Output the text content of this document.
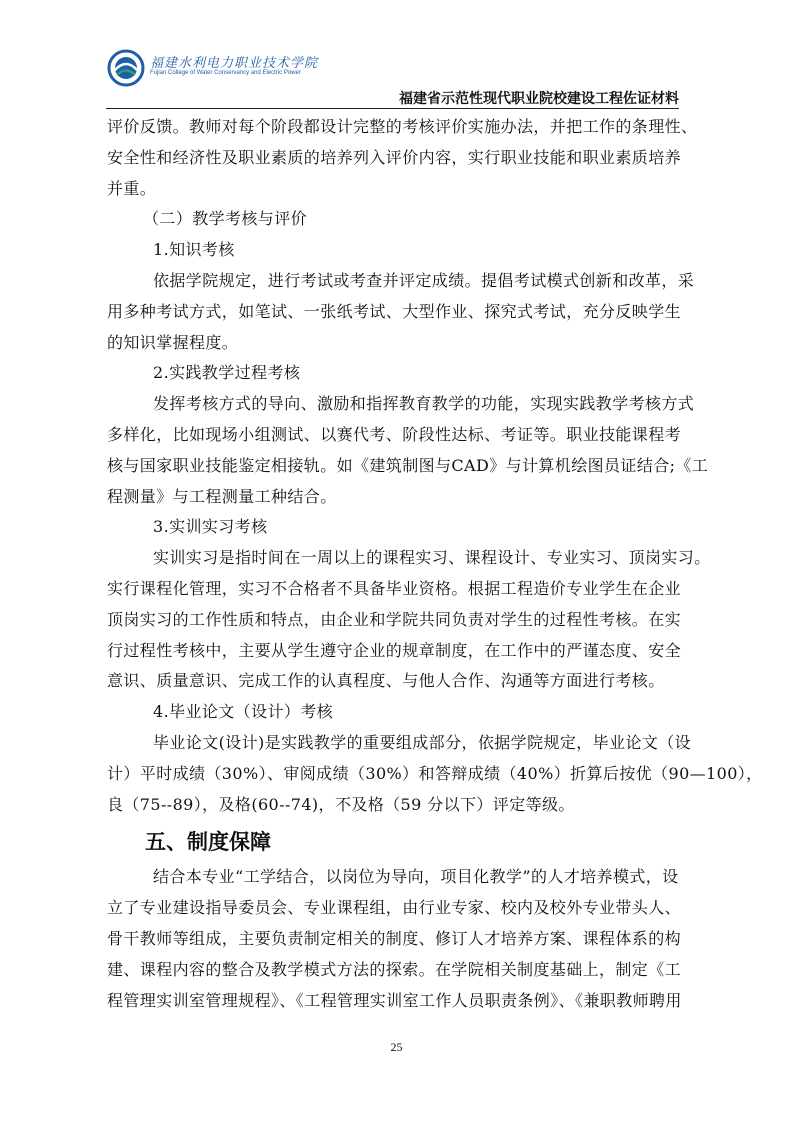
福建水利电力职业技术学院
Fujian College of Water Conservancy and Electric Power
福建省示范性现代职业院校建设工程佐证材料

评价反馈。教师对每个阶段都设计完整的考核评价实施办法，并把工作的条理性、

安全性和经济性及职业素质的培养列入评价内容，实行职业技能和职业素质培养

并重。

（二）教学考核与评价

1.知识考核

依据学院规定，进行考试或考查并评定成绩。提倡考试模式创新和改革，采

用多种考试方式，如笔试、一张纸考试、大型作业、探究式考试，充分反映学生

的知识掌握程度。

2.实践教学过程考核

发挥考核方式的导向、激励和指挥教育教学的功能，实现实践教学考核方式

多样化，比如现场小组测试、以赛代考、阶段性达标、考证等。职业技能课程考

核与国家职业技能鉴定相接轨。如《建筑制图与CAD》与计算机绘图员证结合;《工

程测量》与工程测量工种结合。

3.实训实习考核

实训实习是指时间在一周以上的课程实习、课程设计、专业实习、顶岗实习。

实行课程化管理，实习不合格者不具备毕业资格。根据工程造价专业学生在企业

顶岗实习的工作性质和特点，由企业和学院共同负责对学生的过程性考核。在实

行过程性考核中，主要从学生遵守企业的规章制度，在工作中的严谨态度、安全

意识、质量意识、完成工作的认真程度、与他人合作、沟通等方面进行考核。

4.毕业论文（设计）考核

毕业论文(设计)是实践教学的重要组成部分，依据学院规定，毕业论文（设

计）平时成绩（30%）、审阅成绩（30%）和答辩成绩（40%）折算后按优（90—100），

良（75--89），及格(60--74)，不及格（59 分以下）评定等级。

五、制度保障

结合本专业“工学结合，以岗位为导向，项目化教学”的人才培养模式，设

立了专业建设指导委员会、专业课程组，由行业专家、校内及校外专业带头人、

骨干教师等组成，主要负责制定相关的制度、修订人才培养方案、课程体系的构

建、课程内容的整合及教学模式方法的探索。在学院相关制度基础上，制定《工

程管理实训室管理规程》、《工程管理实训室工作人员职责条例》、《兼职教师聘用

25
